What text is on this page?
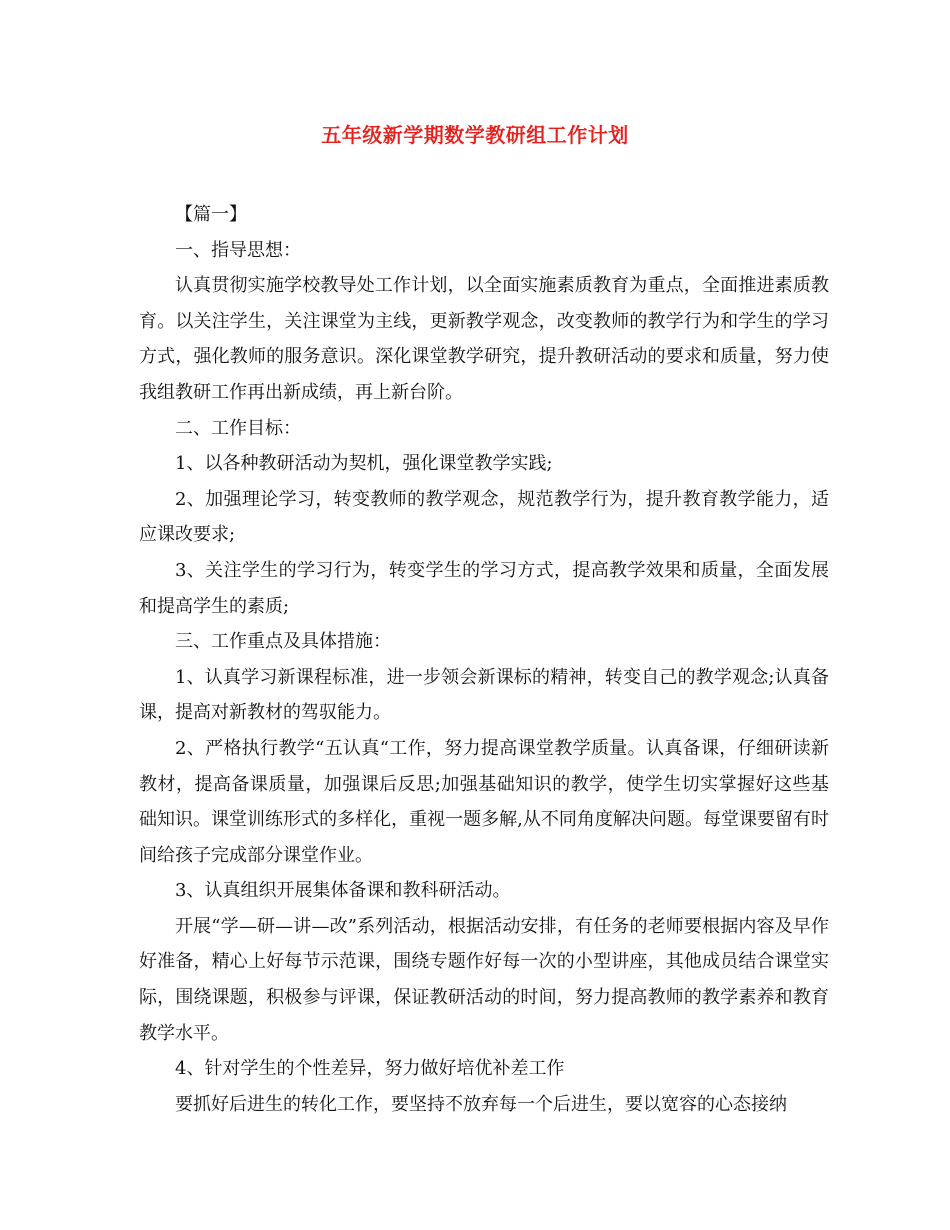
五年级新学期数学教研组工作计划

【篇一】

一、指导思想：

认真贯彻实施学校教导处工作计划，以全面实施素质教育为重点，全面推进素质教育。以关注学生，关注课堂为主线，更新教学观念，改变教师的教学行为和学生的学习方式，强化教师的服务意识。深化课堂教学研究，提升教研活动的要求和质量，努力使我组教研工作再出新成绩，再上新台阶。

二、工作目标：

1、以各种教研活动为契机，强化课堂教学实践;

2、加强理论学习，转变教师的教学观念，规范教学行为，提升教育教学能力，适应课改要求;

3、关注学生的学习行为，转变学生的学习方式，提高教学效果和质量，全面发展和提高学生的素质;

三、工作重点及具体措施：

1、认真学习新课程标准，进一步领会新课标的精神，转变自己的教学观念;认真备课，提高对新教材的驾驭能力。

2、严格执行教学“五认真“工作，努力提高课堂教学质量。认真备课，仔细研读新教材，提高备课质量，加强课后反思;加强基础知识的教学，使学生切实掌握好这些基础知识。课堂训练形式的多样化，重视一题多解,从不同角度解决问题。每堂课要留有时间给孩子完成部分课堂作业。

3、认真组织开展集体备课和教科研活动。

开展“学—研—讲—改”系列活动，根据活动安排，有任务的老师要根据内容及早作好准备，精心上好每节示范课，围绕专题作好每一次的小型讲座，其他成员结合课堂实际，围绕课题，积极参与评课，保证教研活动的时间，努力提高教师的教学素养和教育教学水平。

4、针对学生的个性差异，努力做好培优补差工作

要抓好后进生的转化工作，要坚持不放弃每一个后进生，要以宽容的心态接纳
